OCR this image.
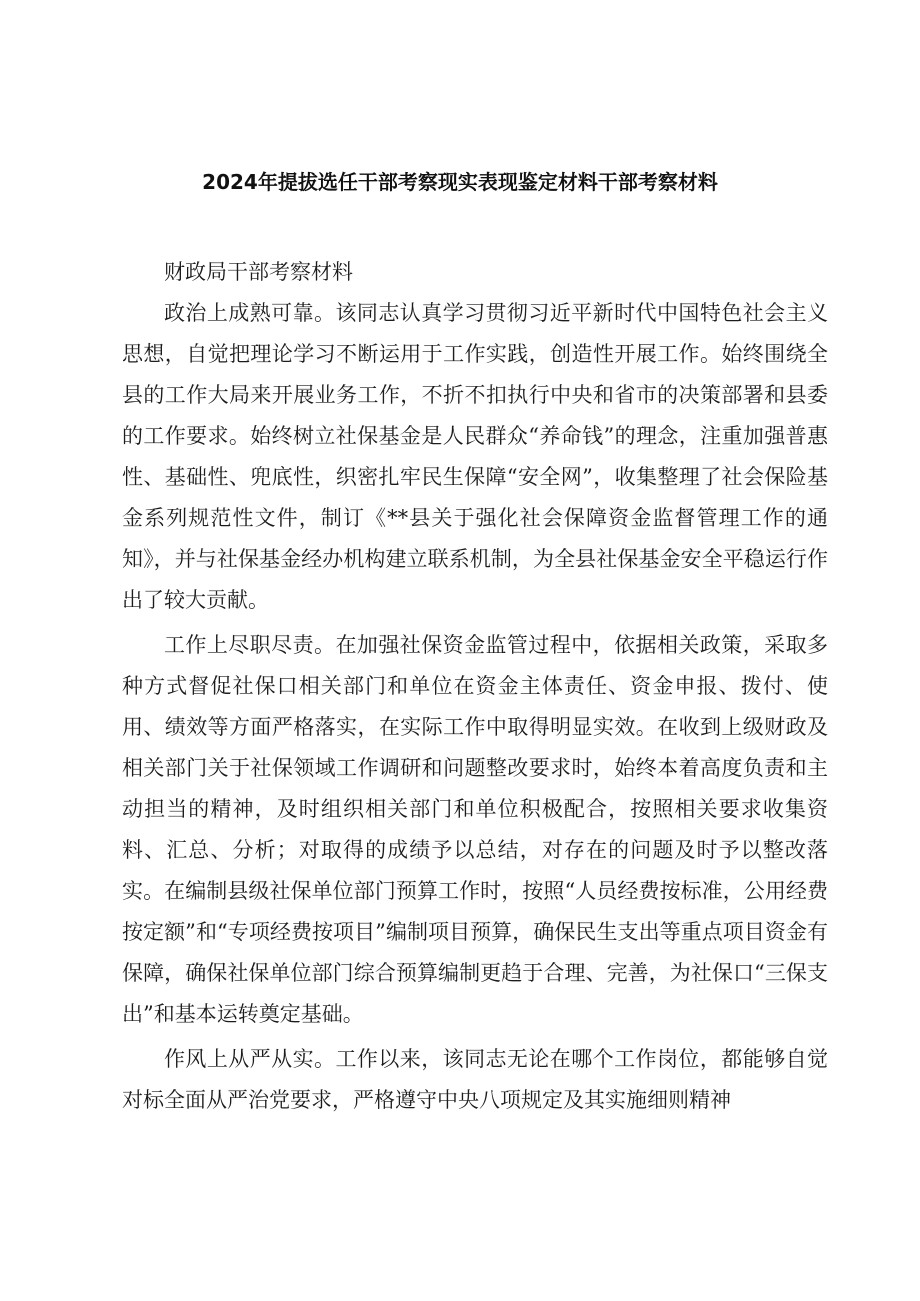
2024年提拔选任干部考察现实表现鉴定材料干部考察材料

财政局干部考察材料

政治上成熟可靠。该同志认真学习贯彻习近平新时代中国特色社会主义思想，自觉把理论学习不断运用于工作实践，创造性开展工作。始终围绕全县的工作大局来开展业务工作，不折不扣执行中央和省市的决策部署和县委的工作要求。始终树立社保基金是人民群众“养命钱”的理念，注重加强普惠性、基础性、兜底性，织密扎牢民生保障“安全网”，收集整理了社会保险基金系列规范性文件，制订《**县关于强化社会保障资金监督管理工作的通知》，并与社保基金经办机构建立联系机制，为全县社保基金安全平稳运行作出了较大贡献。

工作上尽职尽责。在加强社保资金监管过程中，依据相关政策，采取多种方式督促社保口相关部门和单位在资金主体责任、资金申报、拨付、使用、绩效等方面严格落实，在实际工作中取得明显实效。在收到上级财政及相关部门关于社保领域工作调研和问题整改要求时，始终本着高度负责和主动担当的精神，及时组织相关部门和单位积极配合，按照相关要求收集资料、汇总、分析；对取得的成绩予以总结，对存在的问题及时予以整改落实。在编制县级社保单位部门预算工作时，按照“人员经费按标准，公用经费按定额”和“专项经费按项目”编制项目预算，确保民生支出等重点项目资金有保障，确保社保单位部门综合预算编制更趋于合理、完善，为社保口“三保支出”和基本运转奠定基础。

作风上从严从实。工作以来，该同志无论在哪个工作岗位，都能够自觉对标全面从严治党要求，严格遵守中央八项规定及其实施细则精神
